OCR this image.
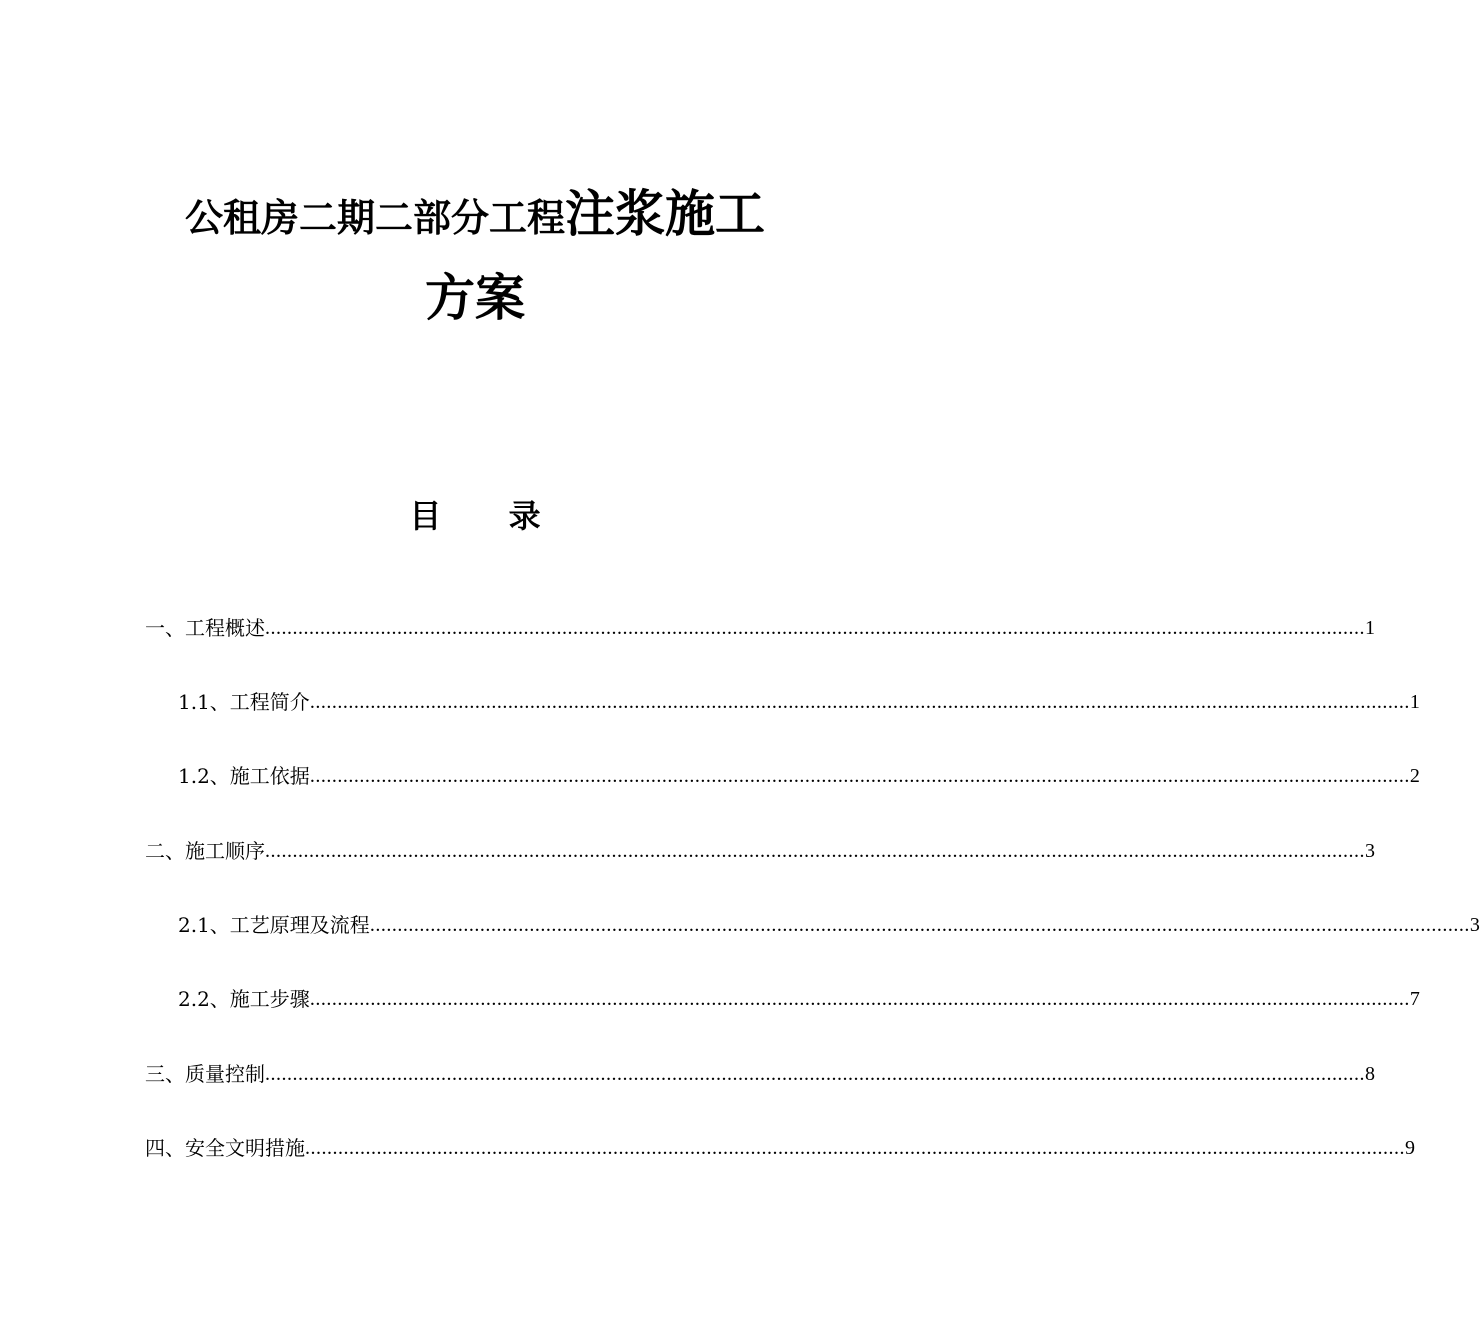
公租房二期二部分工程注浆施工
方案
目 录
一、工程概述 ........................................................................................................................................................................................................ 1
1.1、工程简介 ........................................................................................................................................................................................................ 1
1.2、施工依据 ........................................................................................................................................................................................................ 2
二、施工顺序 ........................................................................................................................................................................................................ 3
2.1、工艺原理及流程 ........................................................................................................................................................................................................ 3
2.2、施工步骤 ........................................................................................................................................................................................................ 7
三、质量控制 ........................................................................................................................................................................................................ 8
四、安全文明措施 ........................................................................................................................................................................................................ 9
